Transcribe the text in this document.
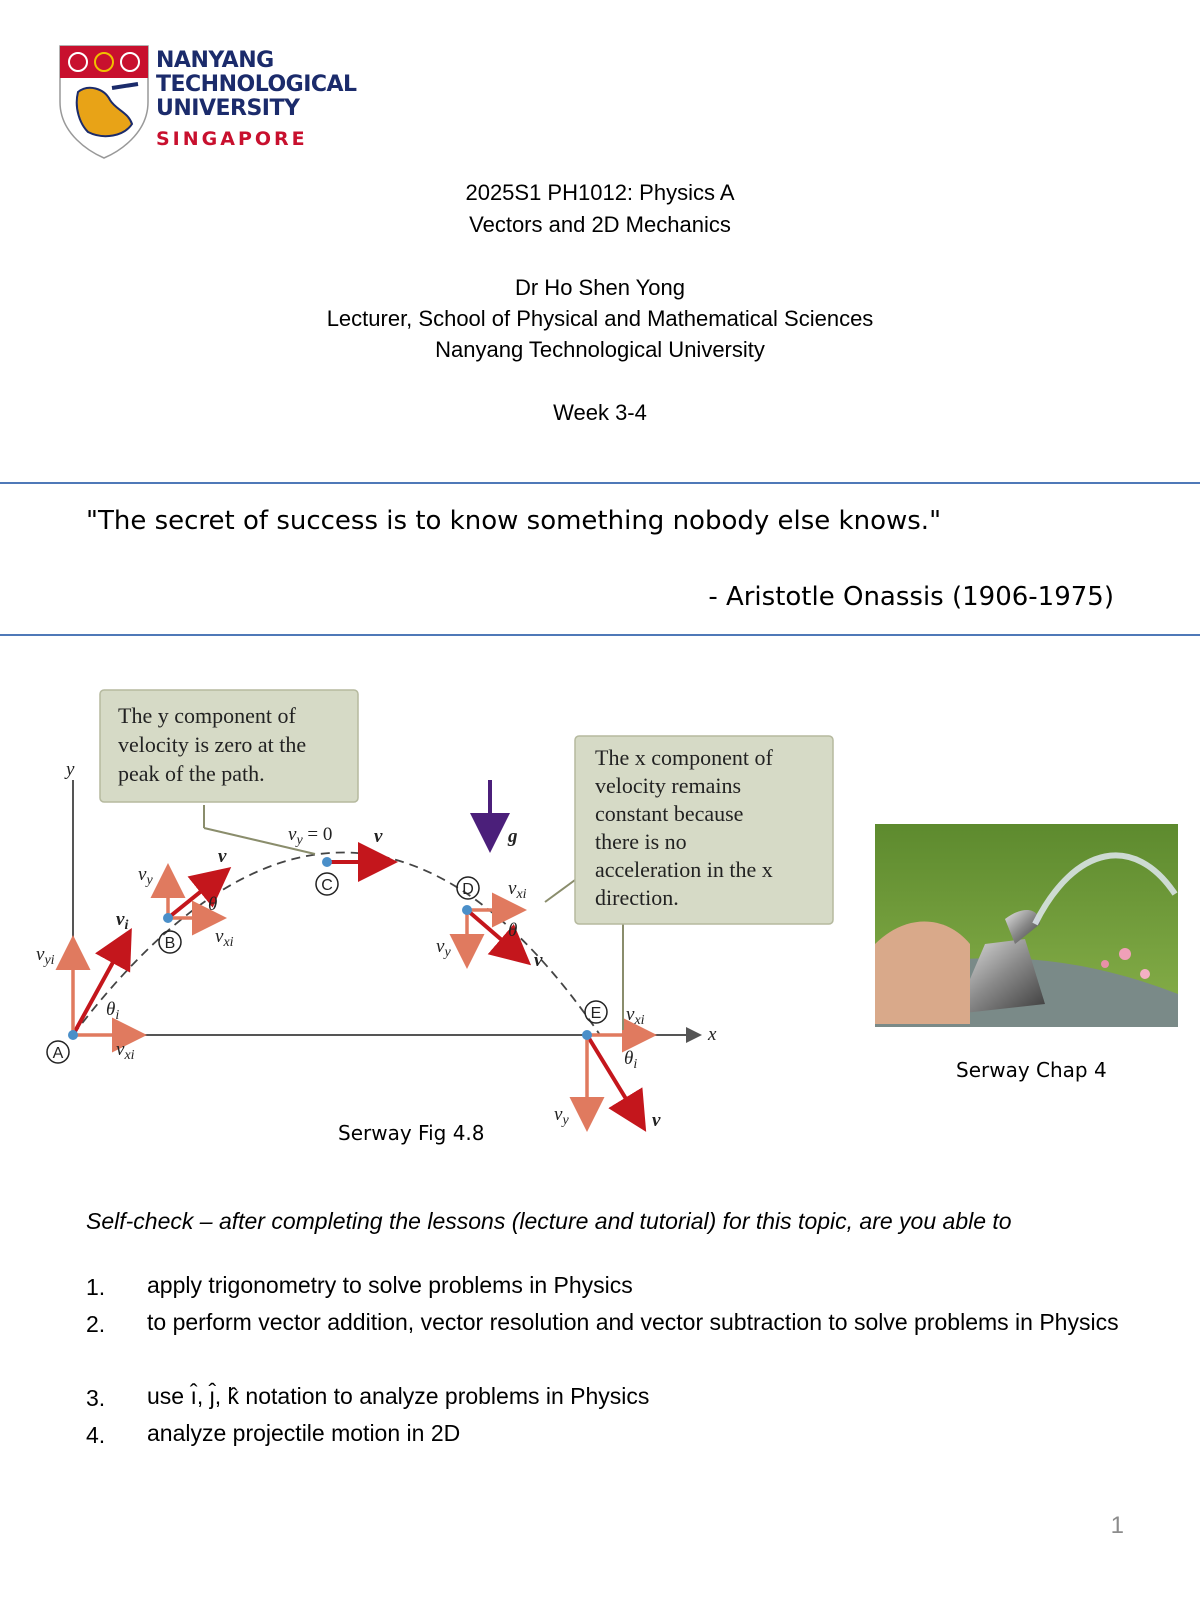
NANYANG
TECHNOLOGICAL
UNIVERSITY
SINGAPORE
2025S1 PH1012: Physics A
Vectors and 2D Mechanics
Dr Ho Shen Yong
Lecturer, School of Physical and Mathematical Sciences
Nanyang Technological University
Week 3-4
"The secret of success is to know something nobody else knows."
- Aristotle Onassis (1906-1975)
y
x
A
$v_{yi}$
$v_{xi}$
$\theta_i$
$v_i$
B
$v_y$
$v_{xi}$
θ
v
C
$v_y = 0$ v	g
D $v_{xi}$
$v_y$
θ
v
E $v_{xi}$
$v_y$
$\theta_i$
v
The y component of
velocity is zero at the
peak of the path.
The x component of
velocity remains
constant because
there is no
acceleration in the x
direction.
Serway Fig 4.8
Serway Chap 4
Self-check – after completing the lessons (lecture and tutorial) for this topic, are you able to
1. apply trigonometry to solve problems in Physics
2. to perform vector addition, vector resolution and vector subtraction to solve problems in Physics
3. use ı̂, ȷ̂, k̂ notation to analyze problems in Physics
4. analyze projectile motion in 2D
1
